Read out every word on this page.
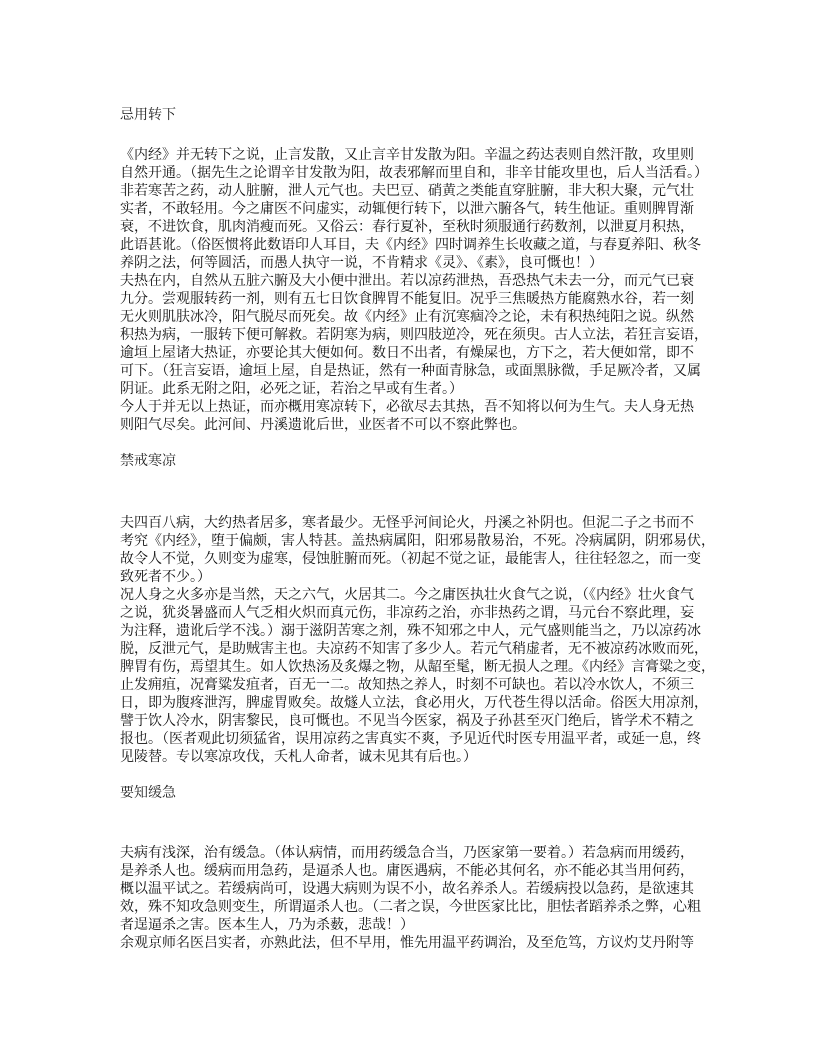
忌用转下
《内经》并无转下之说，止言发散，又止言辛甘发散为阳。辛温之药达表则自然汗散，攻里则
自然开通。（据先生之论谓辛甘发散为阳，故表邪解而里自和，非辛甘能攻里也，后人当活看。）
非若寒苦之药，动人脏腑，泄人元气也。夫巴豆、硝黄之类能直穿脏腑，非大积大聚，元气壮
实者，不敢轻用。今之庸医不问虚实，动辄便行转下，以泄六腑各气，转生他证。重则脾胃渐
衰，不进饮食，肌肉消瘦而死。又俗云：春行夏补，至秋时须服通行药数剂，以泄夏月积热，
此语甚讹。（俗医惯将此数语印人耳目，夫《内经》四时调养生长收藏之道，与春夏养阳、秋冬
养阴之法，何等圆活，而愚人执守一说，不肯精求《灵》、《素》，良可慨也！）
夫热在内，自然从五脏六腑及大小便中泄出。若以凉药泄热，吾恐热气未去一分，而元气已衰
九分。尝观服转药一剂，则有五七日饮食脾胃不能复旧。况乎三焦暖热方能腐熟水谷，若一刻
无火则肌肤冰冷，阳气脱尽而死矣。故《内经》止有沉寒痼冷之论，未有积热纯阳之说。纵然
积热为病，一服转下便可解救。若阴寒为病，则四肢逆冷，死在须臾。古人立法，若狂言妄语，
逾垣上屋诸大热证，亦要论其大便如何。数日不出者，有燥屎也，方下之，若大便如常，即不
可下。（狂言妄语，逾垣上屋，自是热证，然有一种面青脉急，或面黑脉微，手足厥冷者，又属
阴证。此系无附之阳，必死之证，若治之早或有生者。）
今人于并无以上热证，而亦概用寒凉转下，必欲尽去其热，吾不知将以何为生气。夫人身无热
则阳气尽矣。此河间、丹溪遗讹后世，业医者不可以不察此弊也。
禁戒寒凉
夫四百八病，大约热者居多，寒者最少。无怪乎河间论火，丹溪之补阴也。但泥二子之书而不
考究《内经》，堕于偏颇，害人特甚。盖热病属阳，阳邪易散易治，不死。冷病属阴，阴邪易伏，
故令人不觉，久则变为虚寒，侵蚀脏腑而死。（初起不觉之证，最能害人，往往轻忽之，而一变
致死者不少。）
况人身之火多亦是当然，天之六气，火居其二。今之庸医执壮火食气之说，（《内经》壮火食气
之说，犹炎暑盛而人气乏相火炽而真元伤，非凉药之治，亦非热药之谓，马元台不察此理，妄
为注释，遗讹后学不浅。）溺于滋阴苦寒之剂，殊不知邪之中人，元气盛则能当之，乃以凉药冰
脱，反泄元气，是助贼害主也。夫凉药不知害了多少人。若元气稍虚者，无不被凉药冰败而死，
脾胃有伤，焉望其生。如人饮热汤及炙爆之物，从龆至髦，断无损人之理。《内经》言膏粱之变，
止发痈疽，况膏粱发疽者，百无一二。故知热之养人，时刻不可缺也。若以冷水饮人，不须三
日，即为腹疼泄泻，脾虚胃败矣。故燧人立法，食必用火，万代苍生得以活命。俗医大用凉剂，
譬于饮人冷水，阴害黎民，良可慨也。不见当今医家，祸及子孙甚至灭门绝后，皆学术不精之
报也。（医者观此切须猛省，误用凉药之害真实不爽，予见近代时医专用温平者，或延一息，终
见陵替。专以寒凉攻伐，夭札人命者，诚未见其有后也。）
要知缓急
夫病有浅深，治有缓急。（体认病情，而用药缓急合当，乃医家第一要着。）若急病而用缓药，
是养杀人也。缓病而用急药，是逼杀人也。庸医遇病，不能必其何名，亦不能必其当用何药，
概以温平试之。若缓病尚可，设遇大病则为误不小，故名养杀人。若缓病投以急药，是欲速其
效，殊不知攻急则变生，所谓逼杀人也。（二者之误，今世医家比比，胆怯者蹈养杀之弊，心粗
者逞逼杀之害。医本生人，乃为杀薮，悲哉！）
余观京师名医吕实者，亦熟此法，但不早用，惟先用温平药调治，及至危笃，方议灼艾丹附等
